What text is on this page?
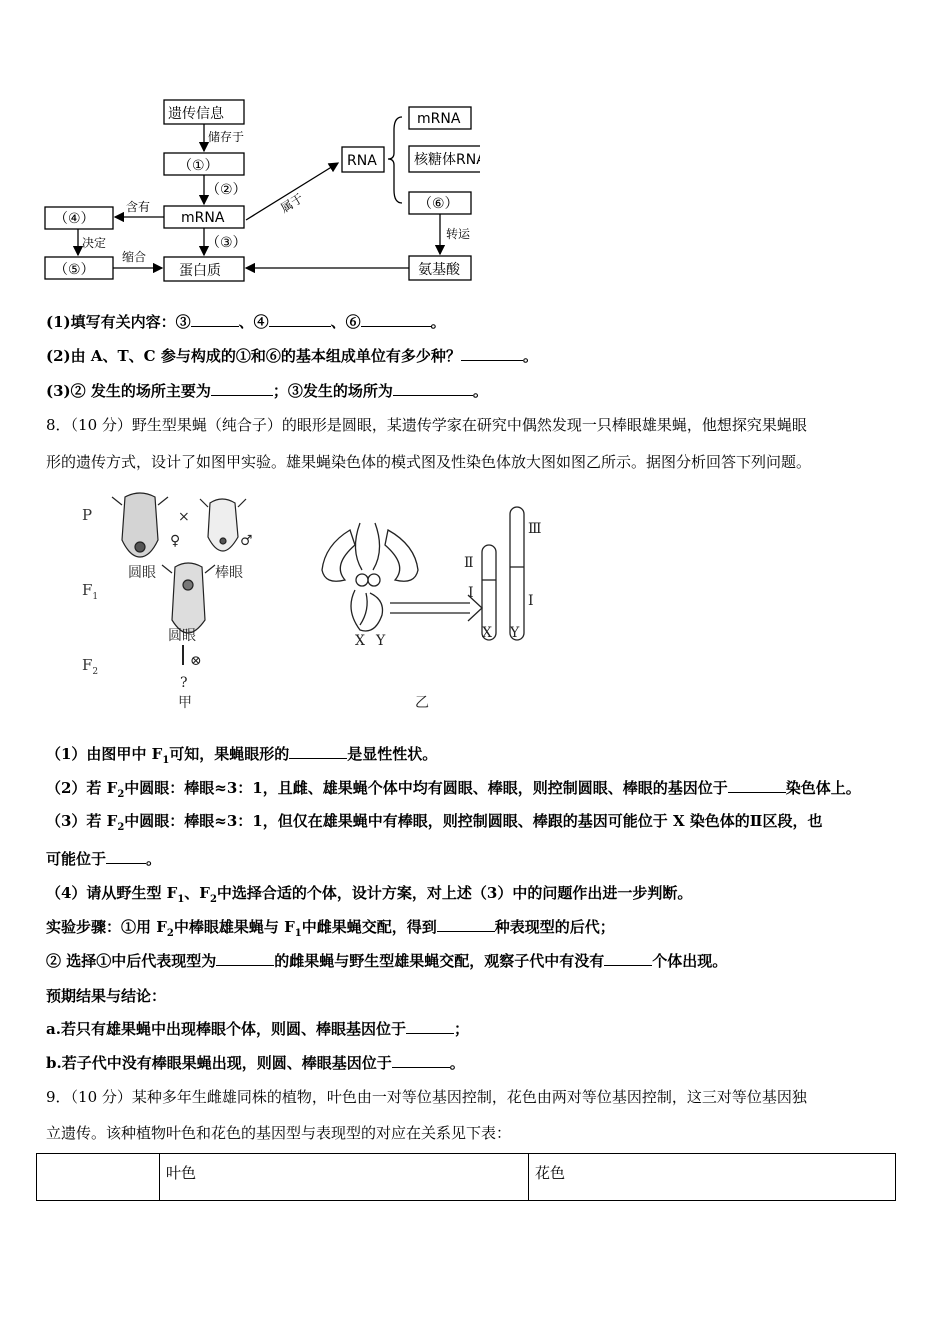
遗传信息
储存于
（①）
（②）
mRNA
（③）
（④）
含有
决定
（⑤）
缩合
蛋白质
属于
RNA
mRNA
核糖体RNA
（⑥）
转运
氨基酸
(1)填写有关内容：③	、④	、⑥	。
(2)由 A、T、C 参与构成的①和⑥的基本组成单位有多少种？	。
(3)② 发生的场所主要为	；③发生的场所为	。
8．（10 分）野生型果蝇（纯合子）的眼形是圆眼，某遗传学家在研究中偶然发现一只棒眼雄果蝇，他想探究果蝇眼
形的遗传方式，设计了如图甲实验。雄果蝇染色体的模式图及性染色体放大图如图乙所示。据图分析回答下列问题。
P
$F_1$
$F_2$
×
♀	♂
圆眼	棒眼
圆眼
⊗
?
甲	乙
X Y
Ⅱ
I
Ⅲ
I
X Y
（1）由图甲中 $F_1$可知，果蝇眼形的	是显性性状。
（2）若 $F_2$中圆眼：棒眼≈3：1，且雌、雄果蝇个体中均有圆眼、棒眼，则控制圆眼、棒眼的基因位于	染色体上。
（3）若 $F_2$中圆眼：棒眼≈3：1，但仅在雄果蝇中有棒眼，则控制圆眼、棒跟的基因可能位于 X 染色体的Ⅱ区段，也
可能位于	。
（4）请从野生型 $F_1$、$F_2$中选择合适的个体，设计方案，对上述（3）中的问题作出进一步判断。
实验步骤：①用 $F_2$中棒眼雄果蝇与 $F_1$中雌果蝇交配，得到	种表现型的后代；
② 选择①中后代表现型为	的雌果蝇与野生型雄果蝇交配，观察子代中有没有	个体出现。
预期结果与结论：
a.若只有雄果蝇中出现棒眼个体，则圆、棒眼基因位于	；
b.若子代中没有棒眼果蝇出现，则圆、棒眼基因位于	。
9．（10 分）某种多年生雌雄同株的植物，叶色由一对等位基因控制，花色由两对等位基因控制，这三对等位基因独
立遗传。该种植物叶色和花色的基因型与表现型的对应在关系见下表：
	叶色	花色
